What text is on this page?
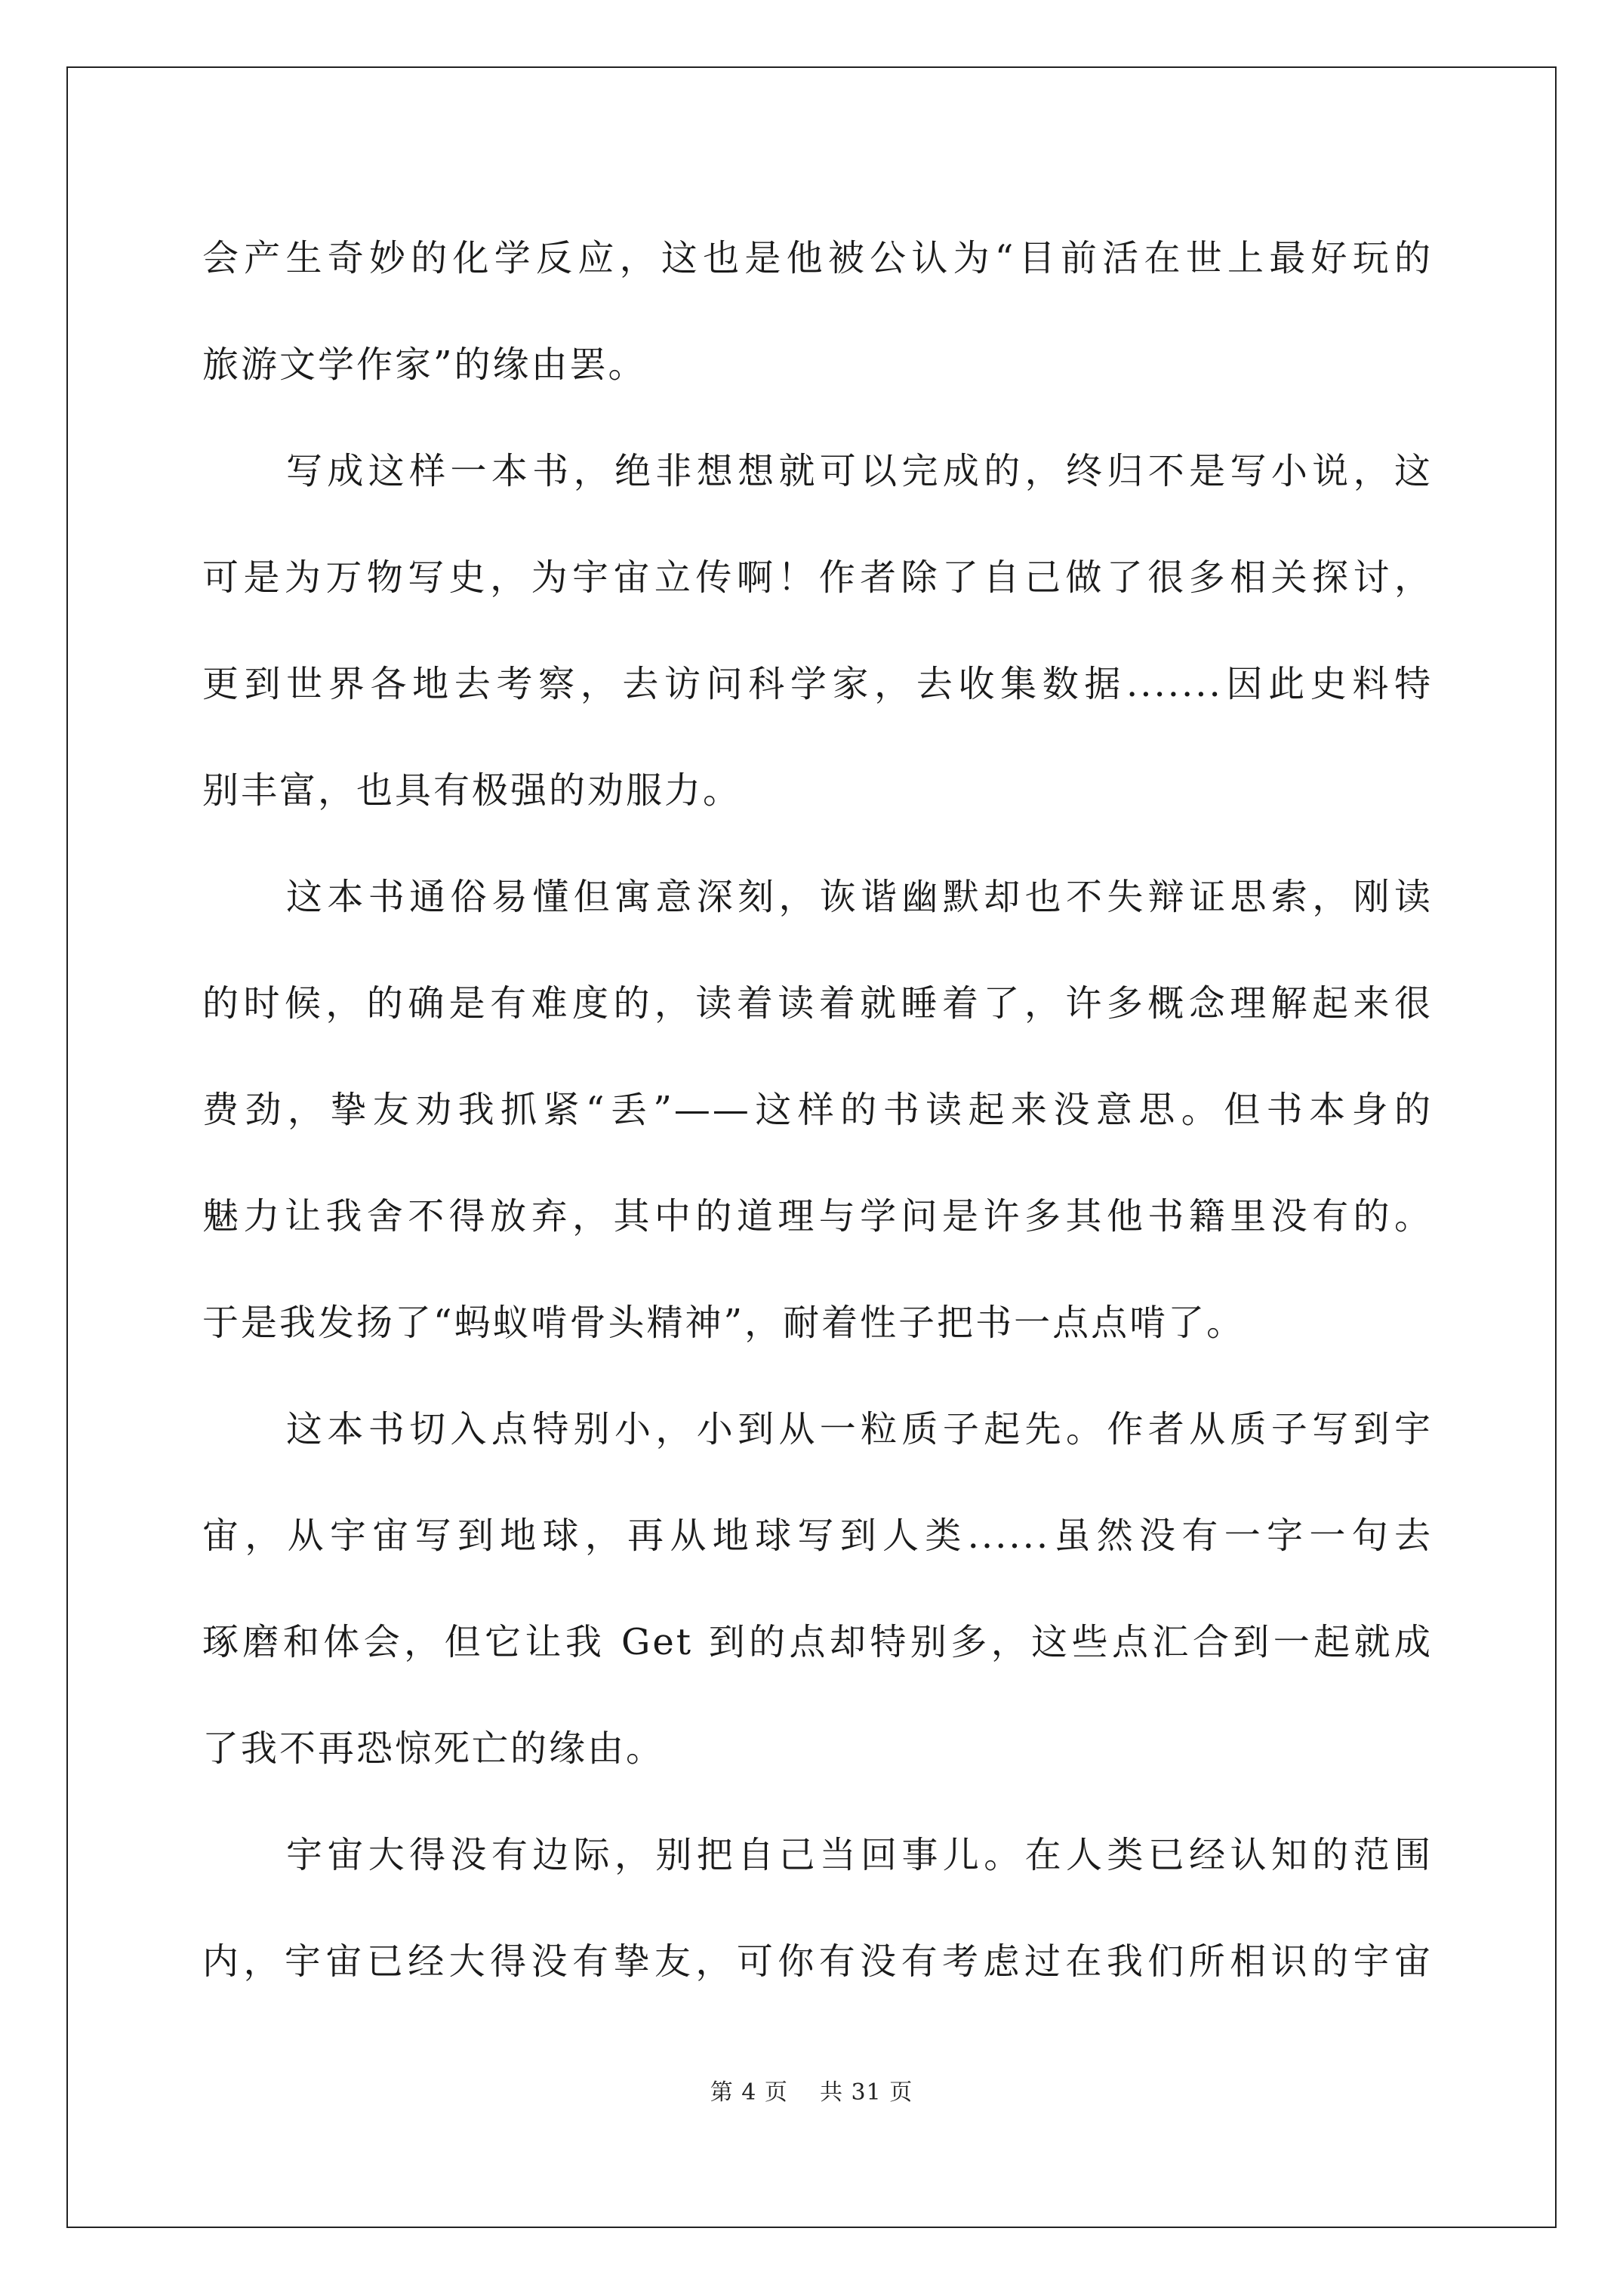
会产生奇妙的化学反应，这也是他被公认为“目前活在世上最好玩的
旅游文学作家”的缘由罢。
写成这样一本书，绝非想想就可以完成的，终归不是写小说，这
可是为万物写史，为宇宙立传啊！作者除了自己做了很多相关探讨，
更到世界各地去考察，去访问科学家，去收集数据.......因此史料特
别丰富，也具有极强的劝服力。
这本书通俗易懂但寓意深刻，诙谐幽默却也不失辩证思索，刚读
的时候，的确是有难度的，读着读着就睡着了，许多概念理解起来很
费劲，挚友劝我抓紧“丢”——这样的书读起来没意思。但书本身的
魅力让我舍不得放弃，其中的道理与学问是许多其他书籍里没有的。
于是我发扬了“蚂蚁啃骨头精神”，耐着性子把书一点点啃了。
这本书切入点特别小，小到从一粒质子起先。作者从质子写到宇
宙，从宇宙写到地球，再从地球写到人类......虽然没有一字一句去
琢磨和体会，但它让我 Get 到的点却特别多，这些点汇合到一起就成
了我不再恐惊死亡的缘由。
宇宙大得没有边际，别把自己当回事儿。在人类已经认知的范围
内，宇宙已经大得没有挚友，可你有没有考虑过在我们所相识的宇宙
第 4 页    共 31 页
